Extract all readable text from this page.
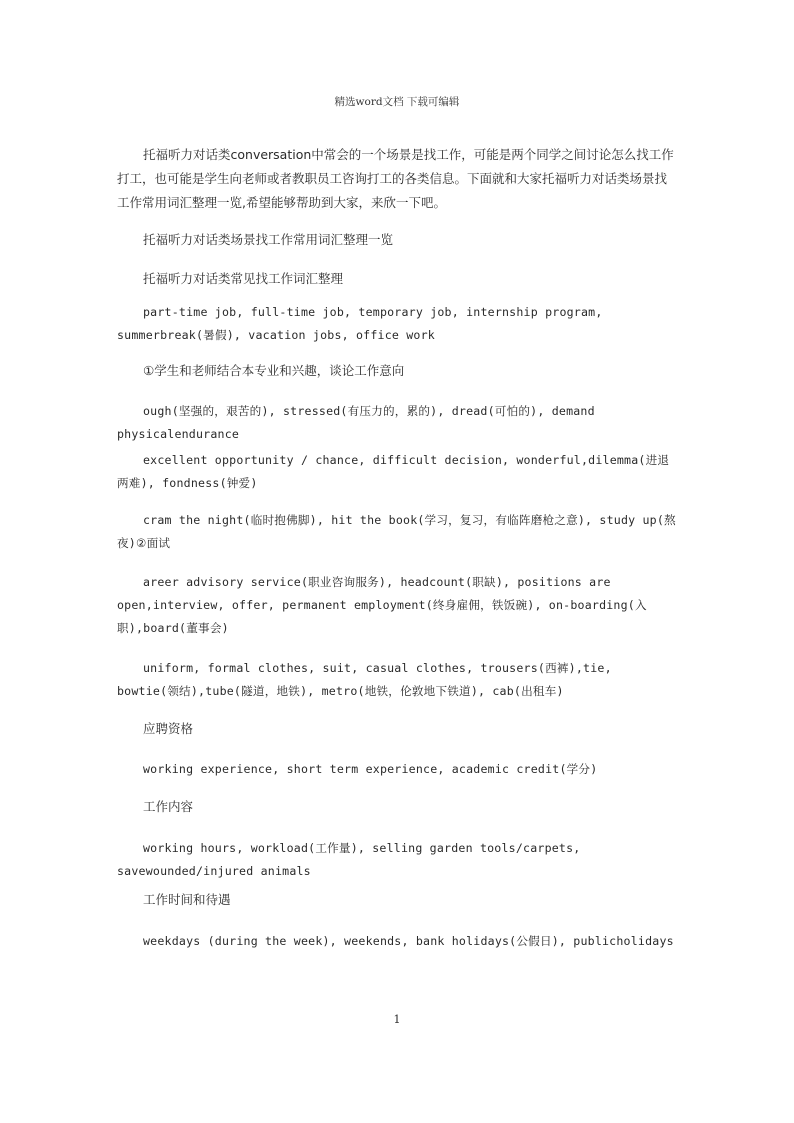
精选word文档 下载可编辑

托福听力对话类conversation中常会的一个场景是找工作，可能是两个同学之间讨论怎么找工作打工，也可能是学生向老师或者教职员工咨询打工的各类信息。下面就和大家托福听力对话类场景找工作常用词汇整理一览,希望能够帮助到大家，来欣一下吧。

托福听力对话类场景找工作常用词汇整理一览
托福听力对话类常见找工作词汇整理

part-time job, full-time job, temporary job, internship program, summerbreak(暑假), vacation jobs, office work

①学生和老师结合本专业和兴趣，谈论工作意向

ough(坚强的，艰苦的), stressed(有压力的，累的), dread(可怕的), demand physicalendurance

excellent opportunity / chance, difficult decision, wonderful,dilemma(进退两难), fondness(钟爱)

cram the night(临时抱佛脚), hit the book(学习，复习，有临阵磨枪之意), study up(熬夜)②面试

areer advisory service(职业咨询服务), headcount(职缺), positions are open,interview, offer, permanent employment(终身雇佣，铁饭碗), on-boarding(入职),board(董事会)

uniform, formal clothes, suit, casual clothes, trousers(西裤),tie, bowtie(领结),tube(隧道，地铁), metro(地铁，伦敦地下铁道), cab(出租车)

应聘资格

working experience, short term experience, academic credit(学分)

工作内容

working hours, workload(工作量), selling garden tools/carpets, savewounded/injured animals

工作时间和待遇

weekdays (during the week), weekends, bank holidays(公假日), publicholidays

1
